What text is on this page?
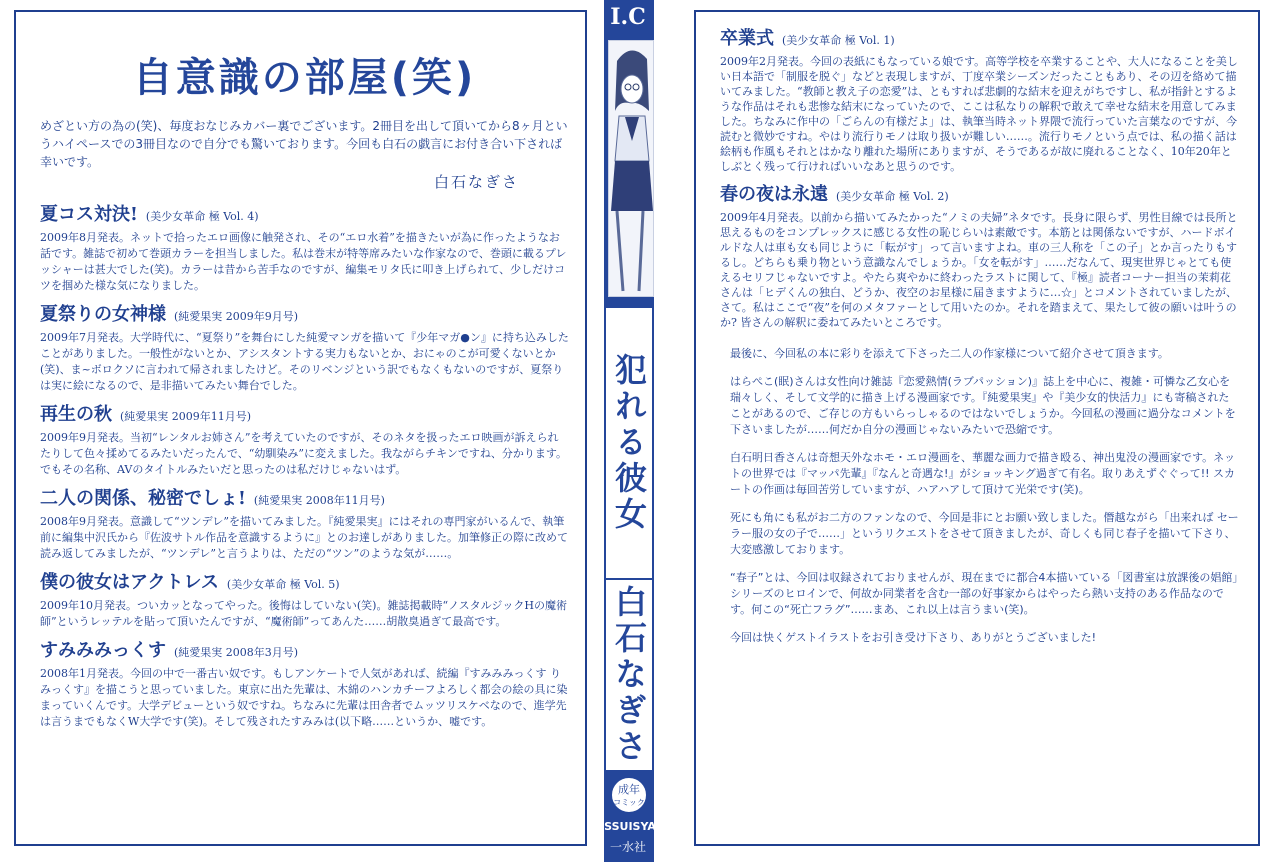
自意識の部屋(笑)

めざとい方の為の(笑)、毎度おなじみカバー裏でございます。2冊目を出して頂いてから8ヶ月というハイペースでの3冊目なので自分でも驚いております。今回も白石の戯言にお付き合い下されば幸いです。

白石なぎさ

夏コス対決! (美少女革命 極 Vol. 4)

2009年8月発表。ネットで拾ったエロ画像に触発され、その“エロ水着”を描きたいが為に作ったようなお話です。雑誌で初めて巻頭カラーを担当しました。私は巻末が特等席みたいな作家なので、巻頭に載るプレッシャーは甚大でした(笑)。カラーは昔から苦手なのですが、編集モリタ氏に叩き上げられて、少しだけコツを掴めた様な気になりました。

夏祭りの女神様 (純愛果実 2009年9月号)

2009年7月発表。大学時代に、“夏祭り”を舞台にした純愛マンガを描いて『少年マガ●ン』に持ち込みしたことがありました。一般性がないとか、アシスタントする実力もないとか、おにゃのこが可愛くないとか(笑)、ま~ボロクソに言われて帰されましたけど。そのリベンジという訳でもなくもないのですが、夏祭りは実に絵になるので、是非描いてみたい舞台でした。

再生の秋 (純愛果実 2009年11月号)

2009年9月発表。当初“レンタルお姉さん”を考えていたのですが、そのネタを扱ったエロ映画が訴えられたりして色々揉めてるみたいだったんで、“幼馴染み”に変えました。我ながらチキンですね、分かります。でもその名称、AVのタイトルみたいだと思ったのは私だけじゃないはず。

二人の関係、秘密でしょ! (純愛果実 2008年11月号)

2008年9月発表。意識して“ツンデレ”を描いてみました。『純愛果実』にはそれの専門家がいるんで、執筆前に編集中沢氏から『佐波サトル作品を意識するように』とのお達しがありました。加筆修正の際に改めて読み返してみましたが、“ツンデレ”と言うよりは、ただの“ツン”のような気が……。

僕の彼女はアクトレス (美少女革命 極 Vol. 5)

2009年10月発表。ついカッとなってやった。後悔はしていない(笑)。雑誌掲載時“ノスタルジックHの魔術師”というレッテルを貼って頂いたんですが、“魔術師”ってあんた……胡散臭過ぎて最高です。

すみみみっくす (純愛果実 2008年3月号)

2008年1月発表。今回の中で一番古い奴です。もしアンケートで人気があれば、続編『すみみみっくす りみっくす』を描こうと思っていました。東京に出た先輩は、木綿のハンカチーフよろしく都会の絵の具に染まっていくんです。大学デビューという奴ですね。ちなみに先輩は田舎者でムッツリスケベなので、進学先は言うまでもなくW大学です(笑)。そして残されたすみみは(以下略……というか、嘘です。

I.C
犯れる彼女
白石なぎさ
成年
コミック
ISSUISYA
一水社
卒業式 (美少女革命 極 Vol. 1)

2009年2月発表。今回の表紙にもなっている娘です。高等学校を卒業することや、大人になることを美しい日本語で「制服を脱ぐ」などと表現しますが、丁度卒業シーズンだったこともあり、その辺を絡めて描いてみました。“教師と教え子の恋愛”は、ともすれば悲劇的な結末を迎えがちですし、私が指針とするような作品はそれも悲惨な結末になっていたので、ここは私なりの解釈で敢えて幸せな結末を用意してみました。ちなみに作中の「ごらんの有様だよ」は、執筆当時ネット界隈で流行っていた言葉なのですが、今読むと微妙ですね。やはり流行りモノは取り扱いが難しい……。流行りモノという点では、私の描く話は絵柄も作風もそれとはかなり離れた場所にありますが、そうであるが故に廃れることなく、10年20年としぶとく残って行ければいいなあと思うのです。

春の夜は永遠 (美少女革命 極 Vol. 2)

2009年4月発表。以前から描いてみたかった“ノミの夫婦”ネタです。長身に限らず、男性目線では長所と思えるものをコンプレックスに感じる女性の恥じらいは素敵です。本筋とは関係ないですが、ハードボイルドな人は車も女も同じように「転がす」って言いますよね。車の三人称を「この子」とか言ったりもするし。どちらも乗り物という意識なんでしょうか。「女を転がす」……だなんて、現実世界じゃとても使えるセリフじゃないですよ。やたら爽やかに終わったラストに関して、『極』読者コーナー担当の茉莉花さんは「ヒデくんの独白、どうか、夜空のお星様に届きますように…☆」とコメントされていましたが、さて。私はここで“夜”を何のメタファーとして用いたのか。それを踏まえて、果たして彼の願いは叶うのか? 皆さんの解釈に委ねてみたいところです。

最後に、今回私の本に彩りを添えて下さった二人の作家様について紹介させて頂きます。

はらぺこ(眠)さんは女性向け雑誌『恋愛熱情(ラブパッション)』誌上を中心に、複雑・可憐な乙女心を瑞々しく、そして文学的に描き上げる漫画家です。『純愛果実』や『美少女的快活力』にも寄稿されたことがあるので、ご存じの方もいらっしゃるのではないでしょうか。今回私の漫画に過分なコメントを下さいましたが……何だか自分の漫画じゃないみたいで恐縮です。

白石明日香さんは奇想天外なホモ・エロ漫画を、華麗な画力で描き殴る、神出鬼没の漫画家です。ネットの世界では『マッパ先輩』『なんと奇遇な!』がショッキング過ぎて有名。取りあえずぐぐって!! スカートの作画は毎回苦労していますが、ハアハアして頂けて光栄です(笑)。

死にも角にも私がお二方のファンなので、今回是非にとお願い致しました。僭越ながら「出来れば セーラー服の女の子で……」というリクエストをさせて頂きましたが、奇しくも同じ春子を描いて下さり、大変感激しております。

“春子”とは、今回は収録されておりませんが、現在までに都合4本描いている「図書室は放課後の娼館」シリーズのヒロインで、何故か同業者を含む一部の好事家からはやったら熱い支持のある作品なのです。何この“死亡フラグ”……まあ、これ以上は言うまい(笑)。

今回は快くゲストイラストをお引き受け下さり、ありがとうございました!
